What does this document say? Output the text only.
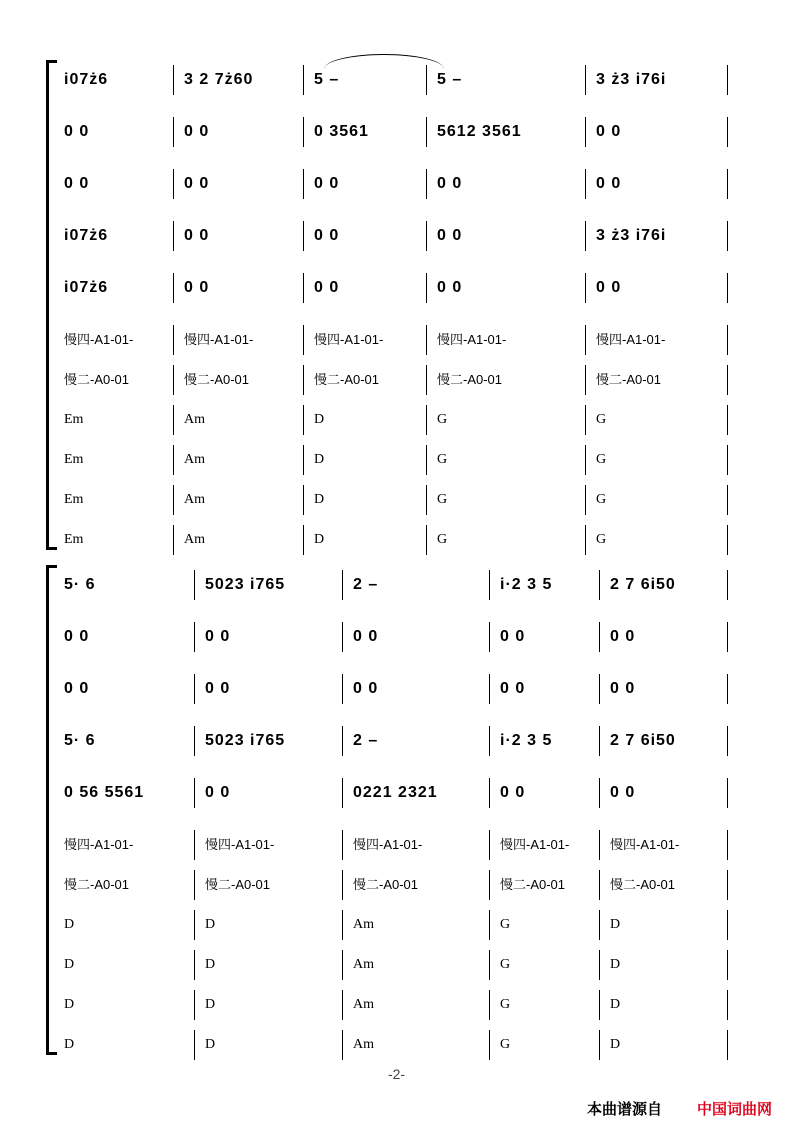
i07ż6	3 2 7ż60	5 –	5 –	3 ż3 i76i
0 0	0 0	0 3561	5612 3561	0 0
0 0	0 0	0 0	0 0	0 0
i07ż6	0 0	0 0	0 0	3 ż3 i76i
i07ż6	0 0	0 0	0 0	0 0
慢四-A1-01-	慢四-A1-01-	慢四-A1-01-	慢四-A1-01-	慢四-A1-01-
慢二-A0-01	慢二-A0-01	慢二-A0-01	慢二-A0-01	慢二-A0-01
Em	Am	D	G	G
Em	Am	D	G	G
Em	Am	D	G	G
Em	Am	D	G	G
5· 6	5023 i765	2 –	i·2 3 5	2 7 6i50
0 0	0 0	0 0	0 0	0 0
0 0	0 0	0 0	0 0	0 0
5· 6	5023 i765	2 –	i·2 3 5	2 7 6i50
0 56 5561	0 0	0221 2321	0 0	0 0
慢四-A1-01-	慢四-A1-01-	慢四-A1-01-	慢四-A1-01-	慢四-A1-01-
慢二-A0-01	慢二-A0-01	慢二-A0-01	慢二-A0-01	慢二-A0-01
D	D	Am	G	D
D	D	Am	G	D
D	D	Am	G	D
D	D	Am	G	D
-2-
本曲谱源自 中国词曲网
